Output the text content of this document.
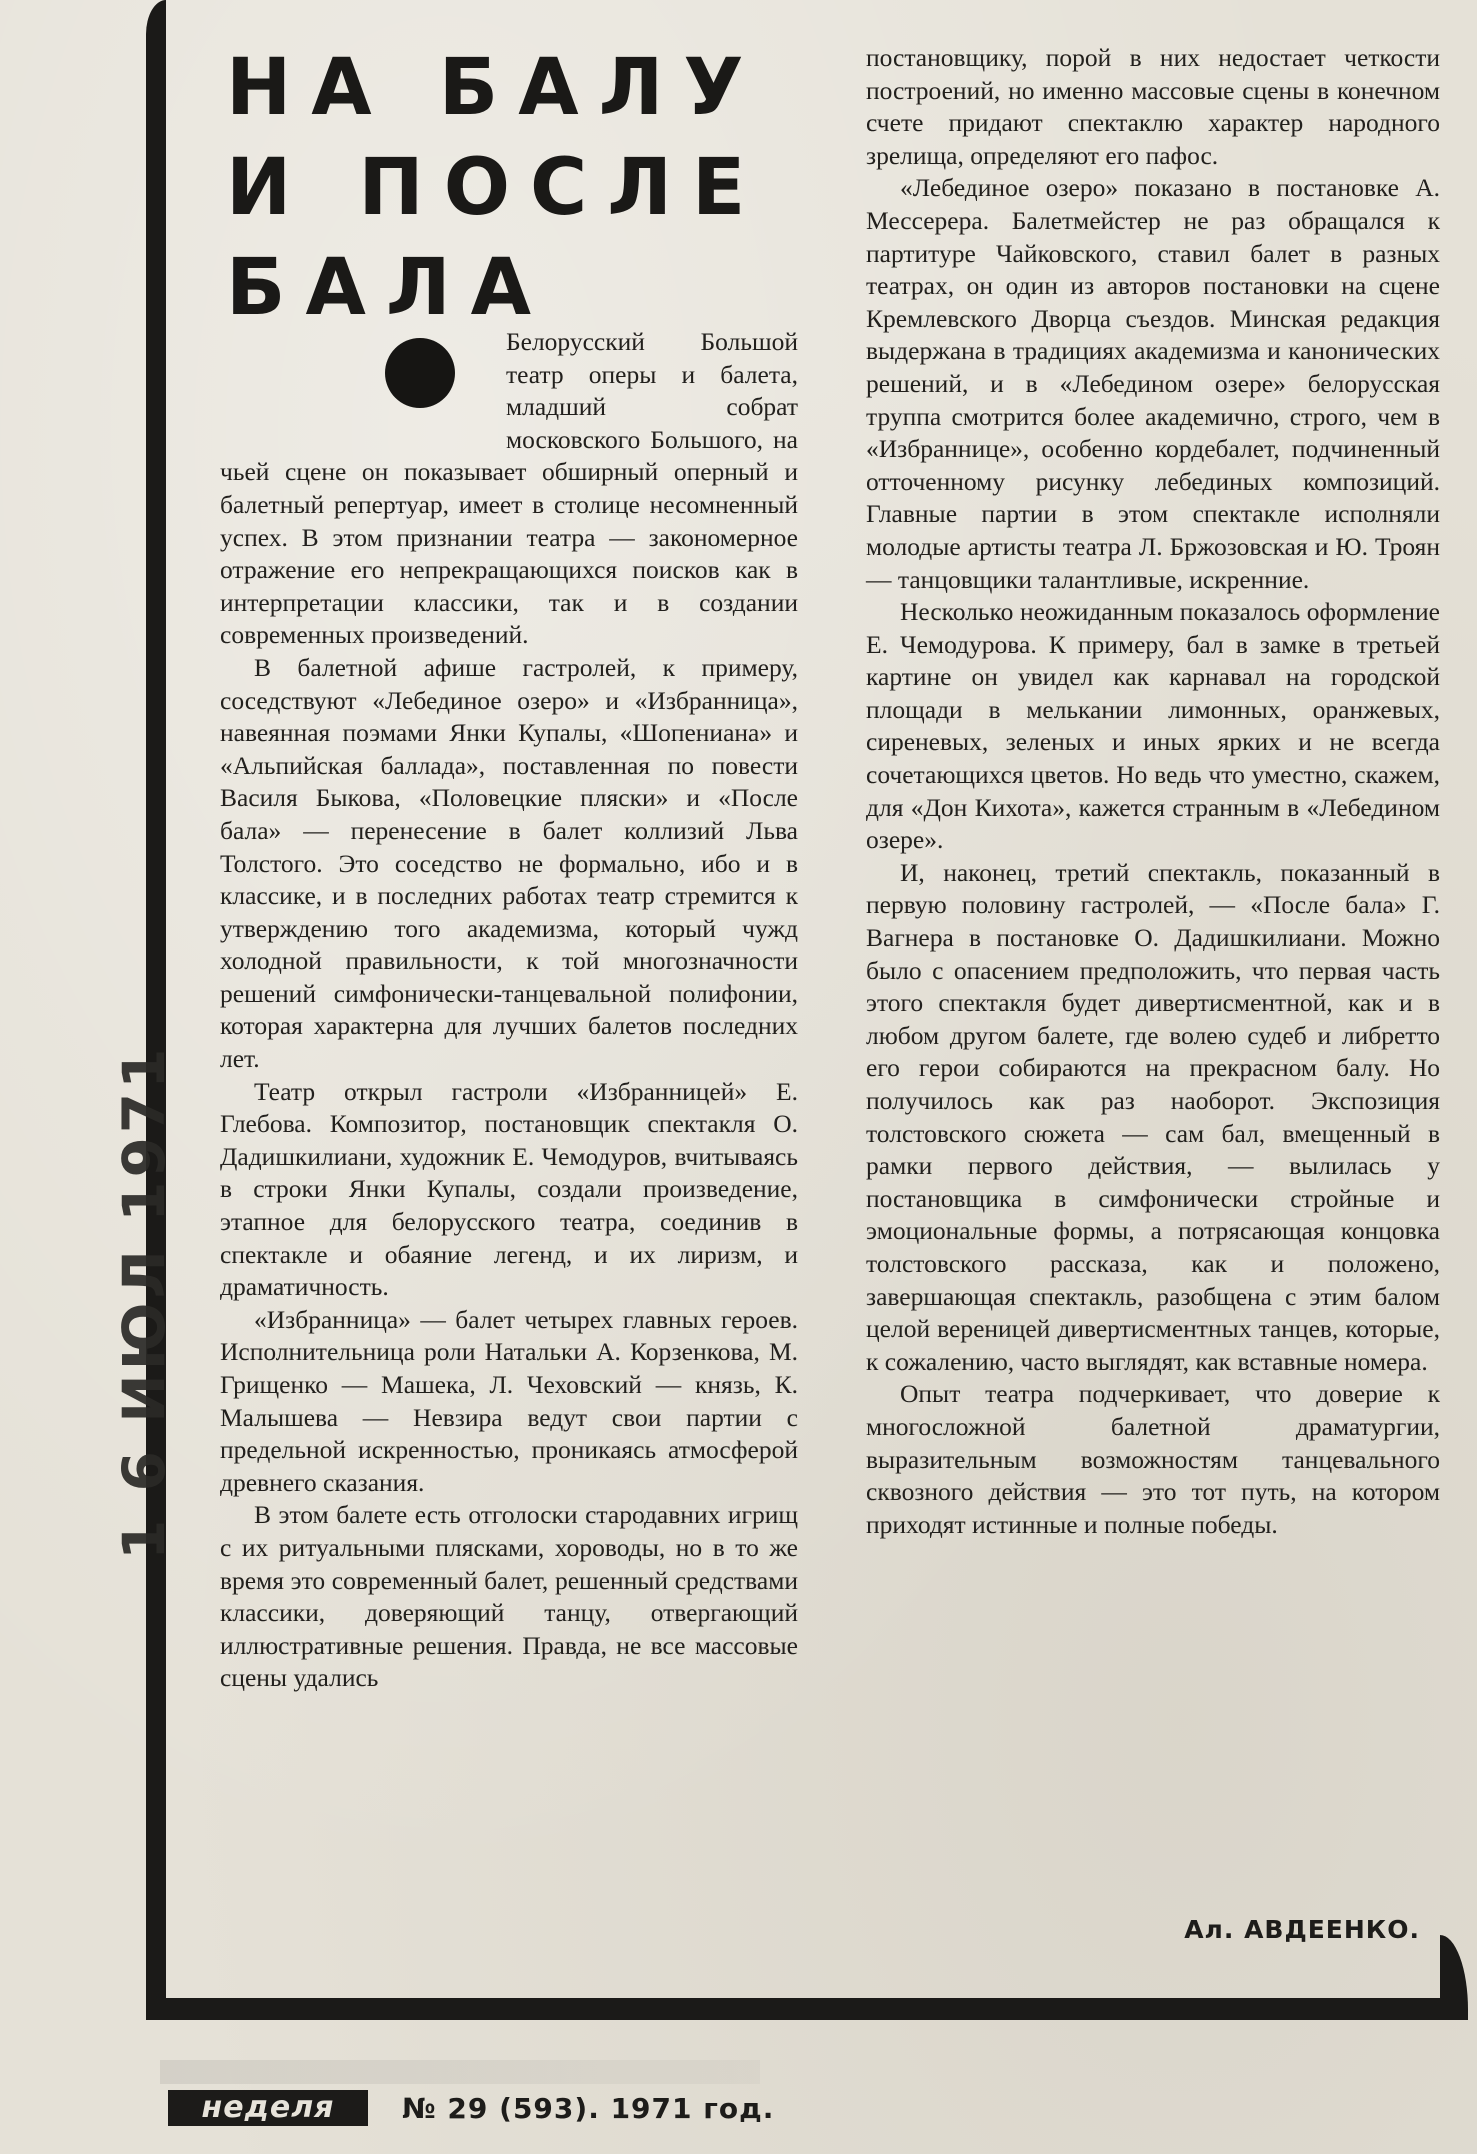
НА БАЛУ
И ПОСЛЕ
БАЛА

Белорусский Большой театр оперы и балета, младший собрат московского Большого, на чьей сцене он показывает обширный оперный и балетный репертуар, имеет в столице несомненный успех. В этом признании театра — закономерное отражение его непрекращающихся поисков как в интерпретации классики, так и в создании современных произведений.

В балетной афише гастролей, к примеру, соседствуют «Лебединое озеро» и «Избранница», навеянная поэмами Янки Купалы, «Шопениана» и «Альпийская баллада», поставленная по повести Василя Быкова, «Половецкие пляски» и «После бала» — перенесение в балет коллизий Льва Толстого. Это соседство не формально, ибо и в классике, и в последних работах театр стремится к утверждению того академизма, который чужд холодной правильности, к той многозначности решений симфонически-танцевальной полифонии, которая характерна для лучших балетов последних лет.

Театр открыл гастроли «Избранницей» Е. Глебова. Композитор, постановщик спектакля О. Дадишкилиани, художник Е. Чемодуров, вчитываясь в строки Янки Купалы, создали произведение, этапное для белорусского театра, соединив в спектакле и обаяние легенд, и их лиризм, и драматичность.

«Избранница» — балет четырех главных героев. Исполнительница роли Натальки А. Корзенкова, М. Грищенко — Машека, Л. Чеховский — князь, К. Малышева — Невзира ведут свои партии с предельной искренностью, проникаясь атмосферой древнего сказания.

В этом балете есть отголоски стародавних игрищ с их ритуальными плясками, хороводы, но в то же время это современный балет, решенный средствами классики, доверяющий танцу, отвергающий иллюстративные решения. Правда, не все массовые сцены удались

постановщику, порой в них недостает четкости построений, но именно массовые сцены в конечном счете придают спектаклю характер народного зрелища, определяют его пафос.

«Лебединое озеро» показано в постановке А. Мессерера. Балетмейстер не раз обращался к партитуре Чайковского, ставил балет в разных театрах, он один из авторов постановки на сцене Кремлевского Дворца съездов. Минская редакция выдержана в традициях академизма и канонических решений, и в «Лебедином озере» белорусская труппа смотрится более академично, строго, чем в «Избраннице», особенно кордебалет, подчиненный отточенному рисунку лебединых композиций. Главные партии в этом спектакле исполняли молодые артисты театра Л. Бржозовская и Ю. Троян — танцовщики талантливые, искренние.

Несколько неожиданным показалось оформление Е. Чемодурова. К примеру, бал в замке в третьей картине он увидел как карнавал на городской площади в мелькании лимонных, оранжевых, сиреневых, зеленых и иных ярких и не всегда сочетающихся цветов. Но ведь что уместно, скажем, для «Дон Кихота», кажется странным в «Лебедином озере».

И, наконец, третий спектакль, показанный в первую половину гастролей, — «После бала» Г. Вагнера в постановке О. Дадишкилиани. Можно было с опасением предположить, что первая часть этого спектакля будет дивертисментной, как и в любом другом балете, где волею судеб и либретто его герои собираются на прекрасном балу. Но получилось как раз наоборот. Экспозиция толстовского сюжета — сам бал, вмещенный в рамки первого действия, — вылилась у постановщика в симфонически стройные и эмоциональные формы, а потрясающая концовка толстовского рассказа, как и положено, завершающая спектакль, разобщена с этим балом целой вереницей дивертисментных танцев, которые, к сожалению, часто выглядят, как вставные номера.

Опыт театра подчеркивает, что доверие к многосложной балетной драматургии, выразительным возможностям танцевального сквозного действия — это тот путь, на котором приходят истинные и полные победы.

Ал. АВДЕЕНКО.
1 6 ИЮЛ 1971
неделя	№ 29 (593). 1971 год.
